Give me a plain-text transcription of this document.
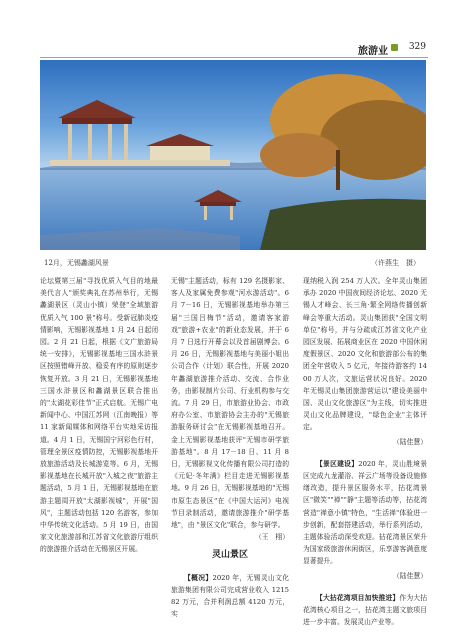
旅游业 329
12月，无锡蠡湖风景	（许燕生　摄）

论坛暨第三届"寻找优质入气目的地最美代言人"颁奖典礼在苏州举行，无锡蠡湖景区（灵山小镇）荣登"全域旅游优质入气 100 景"称号。受新冠肺炎疫情影响，无锡影视基地 1 月 24 日起闭园。2 月 21 日起，根据《文广旅游局统一安排》，无锡影视基地三国水浒景区按照错峰开放、稳妥有序的原则逐步恢复开放。3 月 21 日，无锡影视基地三国水浒景区和蠡湖景区联合推出的"太湖花彩佳节"正式启航。无锡广电新闻中心、中国江苏网（江南晚报）等 11 家新闻媒体和网络平台实地采访报道。4 月 1 日，无锡国宁河彩色行村，管理全景区疫情防控，无锡影视基地开放旅游活动及长城游览等。6 月，无锡影视基地在长城开放"入城之夜"旅游主题活动，5 月 1 日，无锡影视基地在旅游主题周开放"太湖影视城"，开展"国风"，主题活动包括 120 名游客，参加中华传统文化活动。5 月 19 日，由国家文化旅游部和江苏省文化旅游厅组织的旅游推介活动在无锡景区开展。

无锡"主题活动，标有 129 名摄影家、客人及家属免费参观"河水游活动"。6 月 7－16 日，无锡影视基地举办第三届"三国吕梅节"活动，邀请客家游戏"旅游+农业"的新业态发展，并于 6 月 7 日选行开幕会以及首届剧博会。6 月 26 日，无锡影视基地与美丽小姐出公司合作（计划）联合性，开展 2020 年蠡湖旅游推介活动、交流、合作业务，由影视制片公司、行业机构参与交流。7 月 29 日，市旅游业协会、市政府办公室、市旅游协会主办的"无锡旅游服务研讨会"在无锡影视基地召开。金上无锡影视基地获评"无锡市研学旅游基地"。8 月 17－18 日、11 月 8 日，无锡影视文化传播有限公司打造的《元妃·冬年满》栏目走进无锡影视基地。9 月 26 日，无锡影视基地的"无锡市原生态景区"在《中国大运河》电视节目录制活动，邀请旅游推介"研学基地"，由 "景区文化"联合，参与研学。

（王　栩）
灵山景区

【概况】2020 年，无锡灵山文化旅游集团有限公司完成营业收入 121582 万元，合并利润总额 4120 万元，实

现纳税入润 254 万人次。全年灵山集团承办 2020 中国夜间经济论坛、2020 无锡人才峰会、长三角·繁全网络传播创新峰会等重大活动。灵山集团获"全国文明单位"称号，并与分疏或江苏省文化产业园区发展、拓展商业区在 2020 中国休闲度假景区、2020 文化和旅游部公布的集团全年营收入 5 亿元，年接待游客约 1400 万人次，文旅运营状况良好。2020 年无锡灵山集团旅游营运以"建设美丽中国、灵山文化旅游区"为主线，切实推进灵山文化品牌建设，"绿色企业"主体评定。

（陆佳慧）

【景区建设】2020 年，灵山胜境景区完成九龙灌浴、祥云广场等设备设施修缮改造，提升景区服务水平，拈花湾景区"微笑""禅""静"主题等活动等，拈花湾营造"禅意小镇"特色，"生活禅"体验进一步创新，配套搭建活动，举行系列活动，主题体验活动深受欢迎。拈花湾景区荣升为国家级旅游休闲街区，乐享游客满意度显著提升。

（陆佳慧）

【大拈花湾项目加快推进】作为大拈花湾核心项目之一，拈花湾主题文旅项目进一步丰富。发展灵山产业等。
